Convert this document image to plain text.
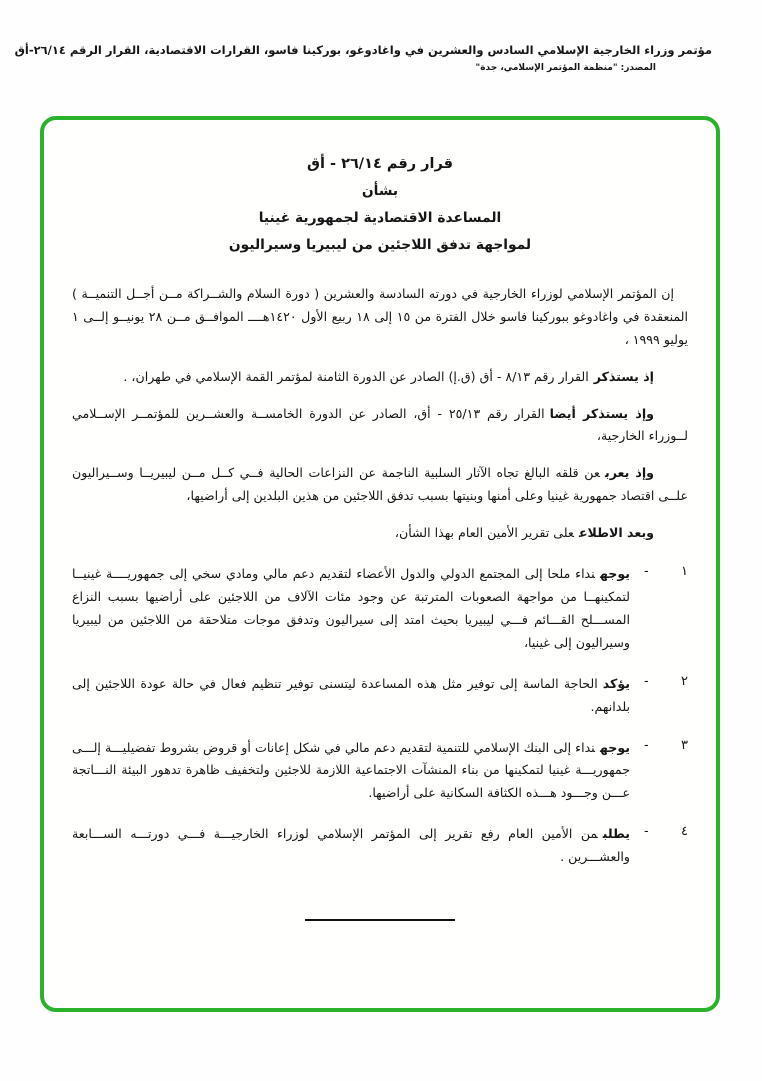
مؤتمر وزراء الخارجية الإسلامي السادس والعشرين في واغادوغو، بوركينا فاسو، القرارات الاقتصادية، القرار الرقم ٢٦/١٤-أق
المصدر: "منظمة المؤتمر الإسلامي، جدة"
قرار رقم ٢٦/١٤ - أق
بشأن
المساعدة الاقتصادية لجمهورية غينيا
لمواجهة تدفق اللاجئين من ليبيريا وسيراليون

إن المؤتمر الإسلامي لوزراء الخارجية في دورته السادسة والعشرين ( دورة السلام والشــراكة مــن أجــل التنميــة ) المنعقدة في واغادوغو ببوركينا فاسو خلال الفترة من ١٥ إلى ١٨ ربيع الأول ١٤٢٠هــــ الموافــق مــن ٢٨ يونيــو إلــى ١ يوليو ١٩٩٩ ،

إذ يستذكرالقرار رقم ٨/١٣ - أق (ق.إ) الصادر عن الدورة الثامنة لمؤتمر القمة الإسلامي في طهران، .

وإذ يستذكر أيضاالقرار رقم ٢٥/١٣ - أق، الصادر عن الدورة الخامســة والعشــرين للمؤتمــر الإســلامي لــوزراء الخارجية،

وإذ يعربعن قلقه البالغ تجاه الآثار السلبية الناجمة عن النزاعات الحالية فــي كــل مــن ليبيريــا وســيراليون علــى اقتصاد جمهورية غينيا وعلى أمنها وبنيتها بسبب تدفق اللاجئين من هذين البلدين إلى أراضيها،

وبعد الاطلاععلى تقرير الأمين العام بهذا الشأن،

١
-

يوجهنداء ملحا إلى المجتمع الدولي والدول الأعضاء لتقديم دعم مالي ومادي سخي إلى جمهوريــــة غينيــا لتمكينهــا من مواجهة الصعوبات المترتبة عن وجود مئات الآلاف من اللاجئين على أراضيها بسبب النزاع المســـلح القـــائم فـــي ليبيريا بحيث امتد إلى سيراليون وتدفق موجات متلاحقة من اللاجئين من ليبيريا وسيراليون إلى غينيا،

٢
-

يؤكدالحاجة الماسة إلى توفير مثل هذه المساعدة ليتسنى توفير تنظيم فعال في حالة عودة اللاجئين إلى بلدانهم.

٣
-

يوجهنداء إلى البنك الإسلامي للتنمية لتقديم دعم مالي في شكل إعانات أو قروض بشروط تفضيليـــة إلـــى جمهوريـــة غينيا لتمكينها من بناء المنشآت الاجتماعية اللازمة للاجئين ولتخفيف ظاهرة تدهور البيئة النـــاتجة عـــن وجـــود هـــذه الكثافة السكانية على أراضيها.

٤
-

يطلبمن الأمين العام رفع تقرير إلى المؤتمر الإسلامي لوزراء الخارجيـــة فـــي دورتـــه الســـابعة والعشـــرين .
